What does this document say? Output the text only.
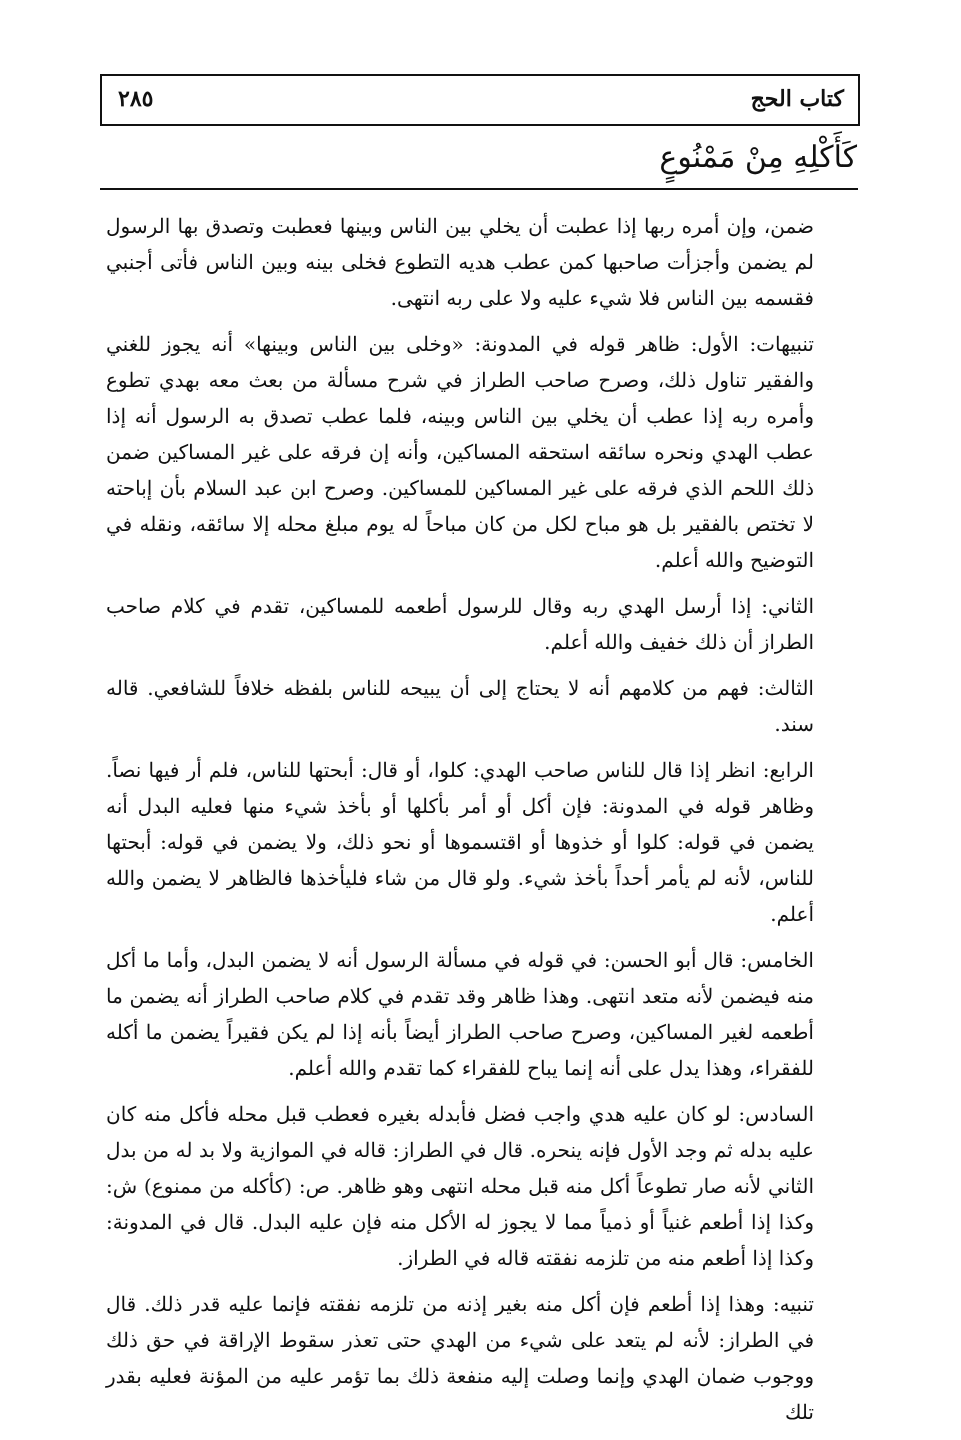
كتاب الحج
٢٨٥
كَأَكْلِهِ مِنْ مَمْنُوعٍ

ضمن، وإن أمره ربها إذا عطبت أن يخلي بين الناس وبينها فعطبت وتصدق بها الرسول لم يضمن وأجزأت صاحبها كمن عطب هديه التطوع فخلى بينه وبين الناس فأتى أجنبي فقسمه بين الناس فلا شيء عليه ولا على ربه انتهى.

تنبيهات: الأول: ظاهر قوله في المدونة: «وخلى بين الناس وبينها» أنه يجوز للغني والفقير تناول ذلك، وصرح صاحب الطراز في شرح مسألة من بعث معه بهدي تطوع وأمره ربه إذا عطب أن يخلي بين الناس وبينه، فلما عطب تصدق به الرسول أنه إذا عطب الهدي ونحره سائقه استحقه المساكين، وأنه إن فرقه على غير المساكين ضمن ذلك اللحم الذي فرقه على غير المساكين للمساكين. وصرح ابن عبد السلام بأن إباحته لا تختص بالفقير بل هو مباح لكل من كان مباحاً له يوم مبلغ محله إلا سائقه، ونقله في التوضيح والله أعلم.

الثاني: إذا أرسل الهدي ربه وقال للرسول أطعمه للمساكين، تقدم في كلام صاحب الطراز أن ذلك خفيف والله أعلم.

الثالث: فهم من كلامهم أنه لا يحتاج إلى أن يبيحه للناس بلفظه خلافاً للشافعي. قاله سند.

الرابع: انظر إذا قال للناس صاحب الهدي: كلوا، أو قال: أبحتها للناس، فلم أر فيها نصاً. وظاهر قوله في المدونة: فإن أكل أو أمر بأكلها أو بأخذ شيء منها فعليه البدل أنه يضمن في قوله: كلوا أو خذوها أو اقتسموها أو نحو ذلك، ولا يضمن في قوله: أبحتها للناس، لأنه لم يأمر أحداً بأخذ شيء. ولو قال من شاء فليأخذها فالظاهر لا يضمن والله أعلم.

الخامس: قال أبو الحسن: في قوله في مسألة الرسول أنه لا يضمن البدل، وأما ما أكل منه فيضمن لأنه متعد انتهى. وهذا ظاهر وقد تقدم في كلام صاحب الطراز أنه يضمن ما أطعمه لغير المساكين، وصرح صاحب الطراز أيضاً بأنه إذا لم يكن فقيراً يضمن ما أكله للفقراء، وهذا يدل على أنه إنما يباح للفقراء كما تقدم والله أعلم.

السادس: لو كان عليه هدي واجب فضل فأبدله بغيره فعطب قبل محله فأكل منه كان عليه بدله ثم وجد الأول فإنه ينحره. قال في الطراز: قاله في الموازية ولا بد له من بدل الثاني لأنه صار تطوعاً أكل منه قبل محله انتهى وهو ظاهر. ص: (كأكله من ممنوع) ش: وكذا إذا أطعم غنياً أو ذمياً مما لا يجوز له الأكل منه فإن عليه البدل. قال في المدونة: وكذا إذا أطعم منه من تلزمه نفقته قاله في الطراز.

تنبيه: وهذا إذا أطعم فإن أكل منه بغير إذنه من تلزمه نفقته فإنما عليه قدر ذلك. قال في الطراز: لأنه لم يتعد على شيء من الهدي حتى تعذر سقوط الإراقة في حق ذلك ووجوب ضمان الهدي وإنما وصلت إليه منفعة ذلك بما تؤمر عليه من المؤنة فعليه بقدر تلك
